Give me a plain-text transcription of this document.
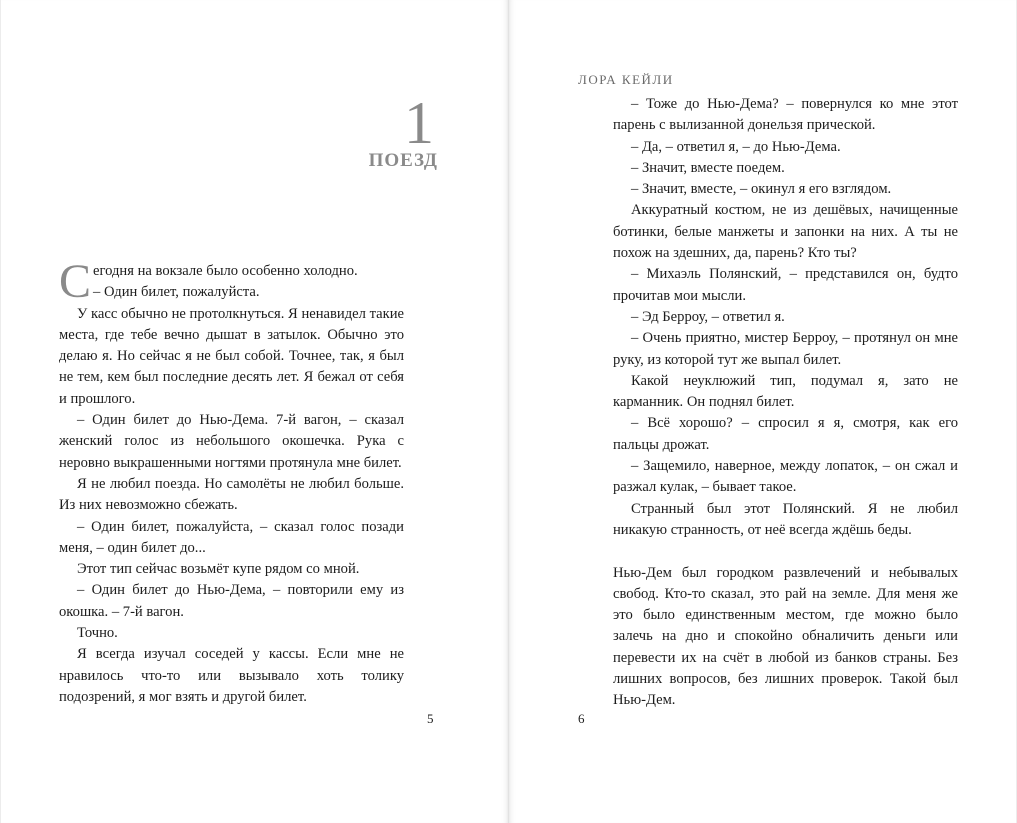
1
ПОЕЗД

Сегодня на вокзале было особенно холодно.

– Один билет, пожалуйста.

У касс обычно не протолкнуться. Я ненавидел такие места, где тебе вечно дышат в затылок. Обычно это делаю я. Но сейчас я не был собой. Точнее, так, я был не тем, кем был последние десять лет. Я бежал от себя и прошлого.

– Один билет до Нью-Дема. 7-й вагон, – сказал женский голос из небольшого окошечка. Рука с неровно выкрашенными ногтями протянула мне билет.

Я не любил поезда. Но самолёты не любил больше. Из них невозможно сбежать.

– Один билет, пожалуйста, – сказал голос позади меня, – один билет до...

Этот тип сейчас возьмёт купе рядом со мной.

– Один билет до Нью-Дема, – повторили ему из окошка. – 7-й вагон.

Точно.

Я всегда изучал соседей у кассы. Если мне не нравилось что-то или вызывало хоть толику подозрений, я мог взять и другой билет.

5
ЛОРА КЕЙЛИ

– Тоже до Нью-Дема? – повернулся ко мне этот парень с вылизанной донельзя прической.

– Да, – ответил я, – до Нью-Дема.

– Значит, вместе поедем.

– Значит, вместе, – окинул я его взглядом.

Аккуратный костюм, не из дешёвых, начищенные ботинки, белые манжеты и запонки на них. А ты не похож на здешних, да, парень? Кто ты?

– Михаэль Полянский, – представился он, будто прочитав мои мысли.

– Эд Берроу, – ответил я.

– Очень приятно, мистер Берроу, – протянул он мне руку, из которой тут же выпал билет.

Какой неуклюжий тип, подумал я, зато не карманник. Он поднял билет.

– Всё хорошо? – спросил я я, смотря, как его пальцы дрожат.

– Защемило, наверное, между лопаток, – он сжал и разжал кулак, – бывает такое.

Странный был этот Полянский. Я не любил никакую странность, от неё всегда ждёшь беды.

Нью-Дем был городком развлечений и небывалых свобод. Кто-то сказал, это рай на земле. Для меня же это было единственным местом, где можно было залечь на дно и спокойно обналичить деньги или перевести их на счёт в любой из банков страны. Без лишних вопросов, без лишних проверок. Такой был Нью-Дем.

6
